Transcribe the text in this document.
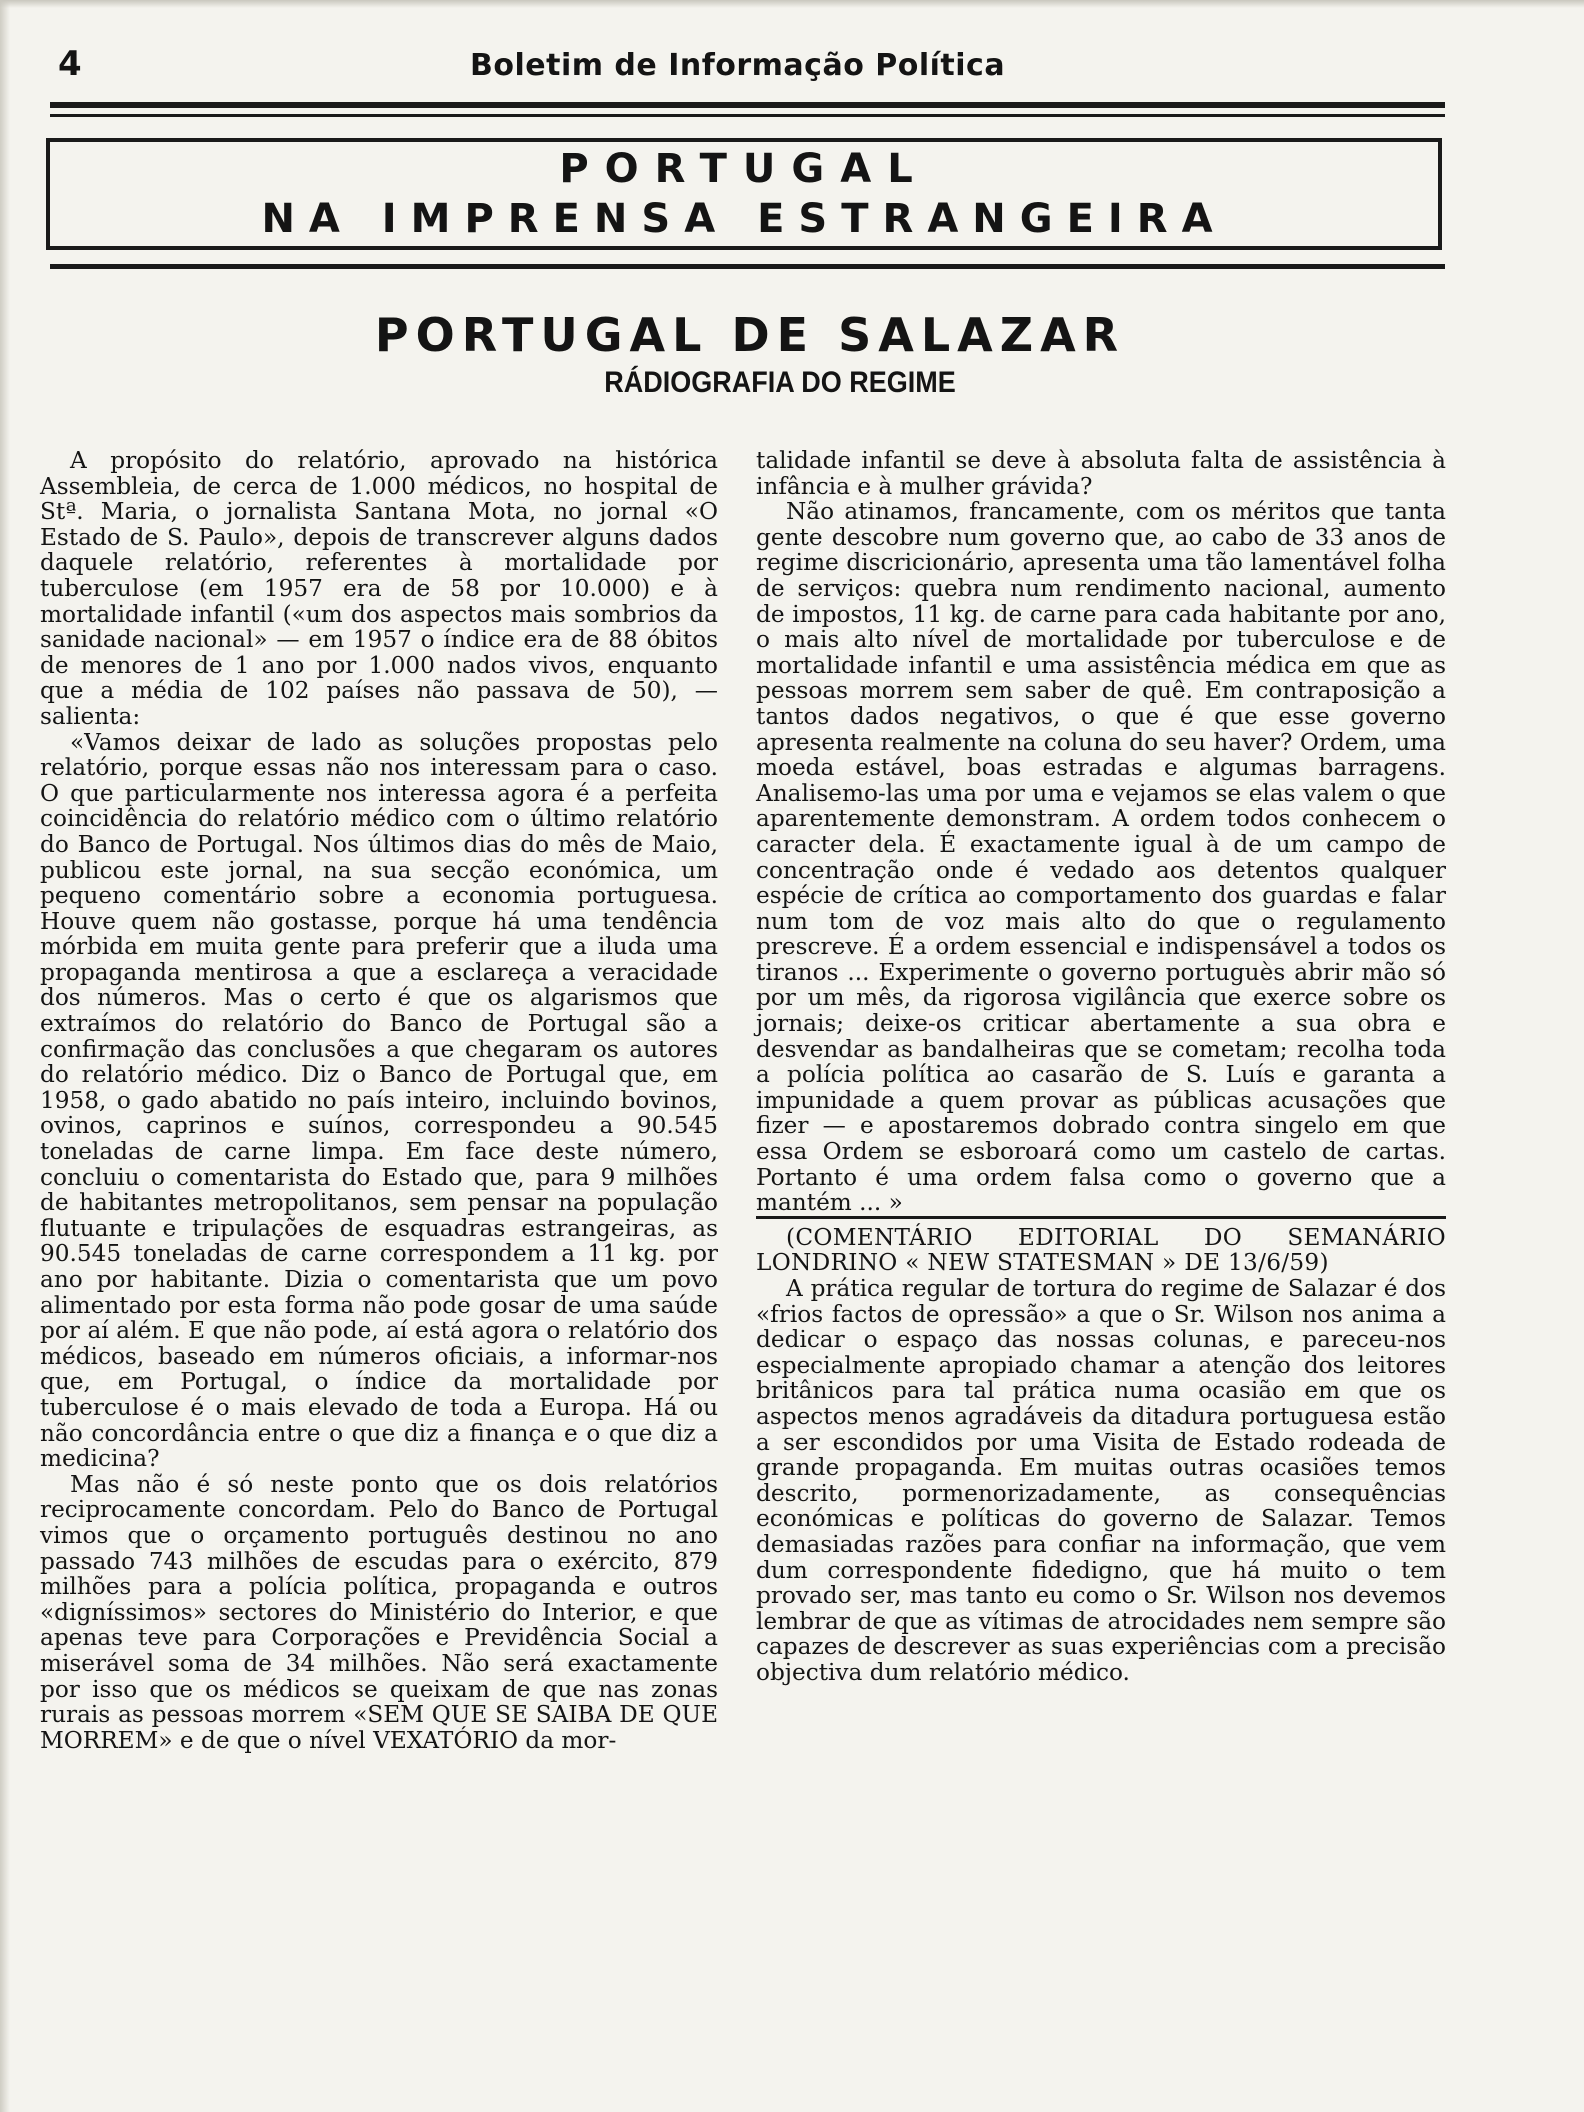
4	Boletim de Informação Política
PORTUGAL
NA IMPRENSA ESTRANGEIRA
PORTUGAL DE SALAZAR
RÁDIOGRAFIA DO REGIME

A propósito do relatório, aprovado na histórica Assembleia, de cerca de 1.000 médicos, no hospital de Stª. Maria, o jornalista Santana Mota, no jornal «O Estado de S. Paulo», depois de transcrever alguns dados daquele relatório, referentes à mortalidade por tuberculose (em 1957 era de 58 por 10.000) e à mortalidade infantil («um dos aspectos mais sombrios da sanidade nacional» — em 1957 o índice era de 88 óbitos de menores de 1 ano por 1.000 nados vivos, enquanto que a média de 102 países não passava de 50), — salienta:

«Vamos deixar de lado as soluções propostas pelo relatório, porque essas não nos interessam para o caso. O que particularmente nos interessa agora é a perfeita coincidência do relatório médico com o último relatório do Banco de Portugal. Nos últimos dias do mês de Maio, publicou este jornal, na sua secção económica, um pequeno comentário sobre a economia portuguesa. Houve quem não gostasse, porque há uma tendência mórbida em muita gente para preferir que a iluda uma propaganda mentirosa a que a esclareça a veracidade dos números. Mas o certo é que os algarismos que extraímos do relatório do Banco de Portugal são a confirmação das conclusões a que chegaram os autores do relatório médico. Diz o Banco de Portugal que, em 1958, o gado abatido no país inteiro, incluindo bovinos, ovinos, caprinos e suínos, correspondeu a 90.545 toneladas de carne limpa. Em face deste número, concluiu o comentarista do Estado que, para 9 milhões de habitantes metropolitanos, sem pensar na população flutuante e tripulações de esquadras estrangeiras, as 90.545 toneladas de carne correspondem a 11 kg. por ano por habitante. Dizia o comentarista que um povo alimentado por esta forma não pode gosar de uma saúde por aí além. E que não pode, aí está agora o relatório dos médicos, baseado em números oficiais, a informar-nos que, em Portugal, o índice da mortalidade por tuberculose é o mais elevado de toda a Europa. Há ou não concordância entre o que diz a finança e o que diz a medicina?

Mas não é só neste ponto que os dois relatórios reciprocamente concordam. Pelo do Banco de Portugal vimos que o orçamento português destinou no ano passado 743 milhões de escudas para o exército, 879 milhões para a polícia política, propaganda e outros «digníssimos» sectores do Ministério do Interior, e que apenas teve para Corporações e Previdência Social a miserável soma de 34 milhões. Não será exactamente por isso que os médicos se queixam de que nas zonas rurais as pessoas morrem «SEM QUE SE SAIBA DE QUE MORREM» e de que o nível VEXATÓRIO da mor-

talidade infantil se deve à absoluta falta de assistência à infância e à mulher grávida?

Não atinamos, francamente, com os méritos que tanta gente descobre num governo que, ao cabo de 33 anos de regime discricionário, apresenta uma tão lamentável folha de serviços: quebra num rendimento nacional, aumento de impostos, 11 kg. de carne para cada habitante por ano, o mais alto nível de mortalidade por tuberculose e de mortalidade infantil e uma assistência médica em que as pessoas morrem sem saber de quê. Em contraposição a tantos dados negativos, o que é que esse governo apresenta realmente na coluna do seu haver? Ordem, uma moeda estável, boas estradas e algumas barragens. Analisemo-las uma por uma e vejamos se elas valem o que aparentemente demonstram. A ordem todos conhecem o caracter dela. É exactamente igual à de um campo de concentração onde é vedado aos detentos qualquer espécie de crítica ao comportamento dos guardas e falar num tom de voz mais alto do que o regulamento prescreve. É a ordem essencial e indispensável a todos os tiranos ... Experimente o governo portuguès abrir mão só por um mês, da rigorosa vigilância que exerce sobre os jornais; deixe-os criticar abertamente a sua obra e desvendar as bandalheiras que se cometam; recolha toda a polícia política ao casarão de S. Luís e garanta a impunidade a quem provar as públicas acusações que fizer — e apostaremos dobrado contra singelo em que essa Ordem se esboroará como um castelo de cartas. Portanto é uma ordem falsa como o governo que a mantém ... »

(COMENTÁRIO EDITORIAL DO SEMANÁRIO LONDRINO « NEW STATESMAN » DE 13/6/59)

A prática regular de tortura do regime de Salazar é dos «frios factos de opressão» a que o Sr. Wilson nos anima a dedicar o espaço das nossas colunas, e pareceu-nos especialmente apropiado chamar a atenção dos leitores britânicos para tal prática numa ocasião em que os aspectos menos agradáveis da ditadura portuguesa estão a ser escondidos por uma Visita de Estado rodeada de grande propaganda. Em muitas outras ocasiões temos descrito, pormenorizadamente, as consequências económicas e políticas do governo de Salazar. Temos demasiadas razões para confiar na informação, que vem dum correspondente fidedigno, que há muito o tem provado ser, mas tanto eu como o Sr. Wilson nos devemos lembrar de que as vítimas de atrocidades nem sempre são capazes de descrever as suas experiências com a precisão objectiva dum relatório médico.
